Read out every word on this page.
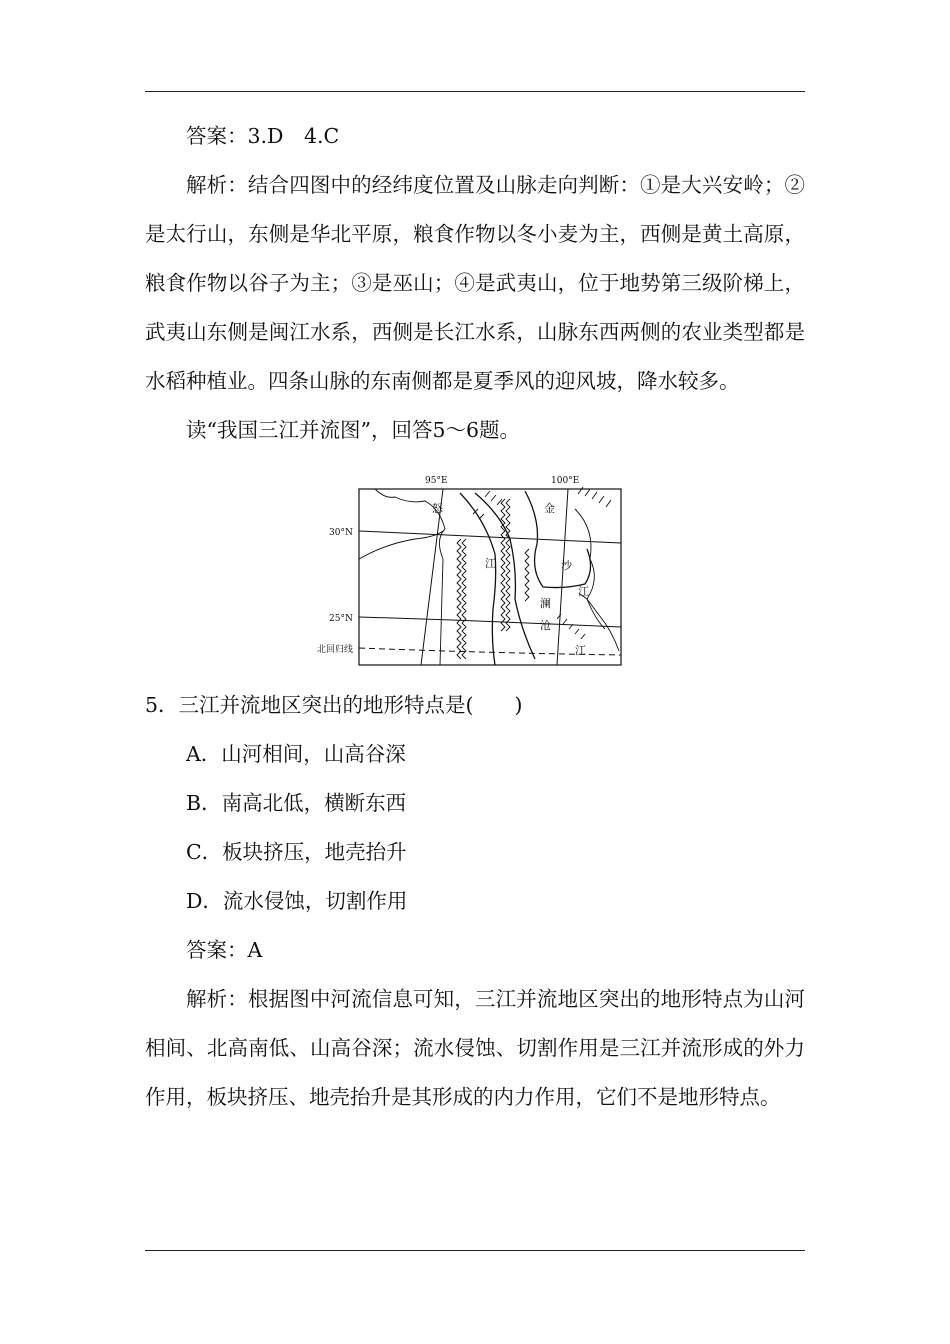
答案：3.D　4.C

解析：结合四图中的经纬度位置及山脉走向判断：①是大兴安岭；②是太行山，东侧是华北平原，粮食作物以冬小麦为主，西侧是黄土高原，粮食作物以谷子为主；③是巫山；④是武夷山，位于地势第三级阶梯上，武夷山东侧是闽江水系，西侧是长江水系，山脉东西两侧的农业类型都是水稻种植业。四条山脉的东南侧都是夏季风的迎风坡，降水较多。

读“我国三江并流图”，回答5～6题。

95°E	100°E
30°N
25°N
北回归线
怒
江
金
沙
江
澜
沧
江

5．三江并流地区突出的地形特点是(　　)

A．山河相间，山高谷深

B．南高北低，横断东西

C．板块挤压，地壳抬升

D．流水侵蚀，切割作用

答案：A

解析：根据图中河流信息可知，三江并流地区突出的地形特点为山河相间、北高南低、山高谷深；流水侵蚀、切割作用是三江并流形成的外力作用，板块挤压、地壳抬升是其形成的内力作用，它们不是地形特点。
